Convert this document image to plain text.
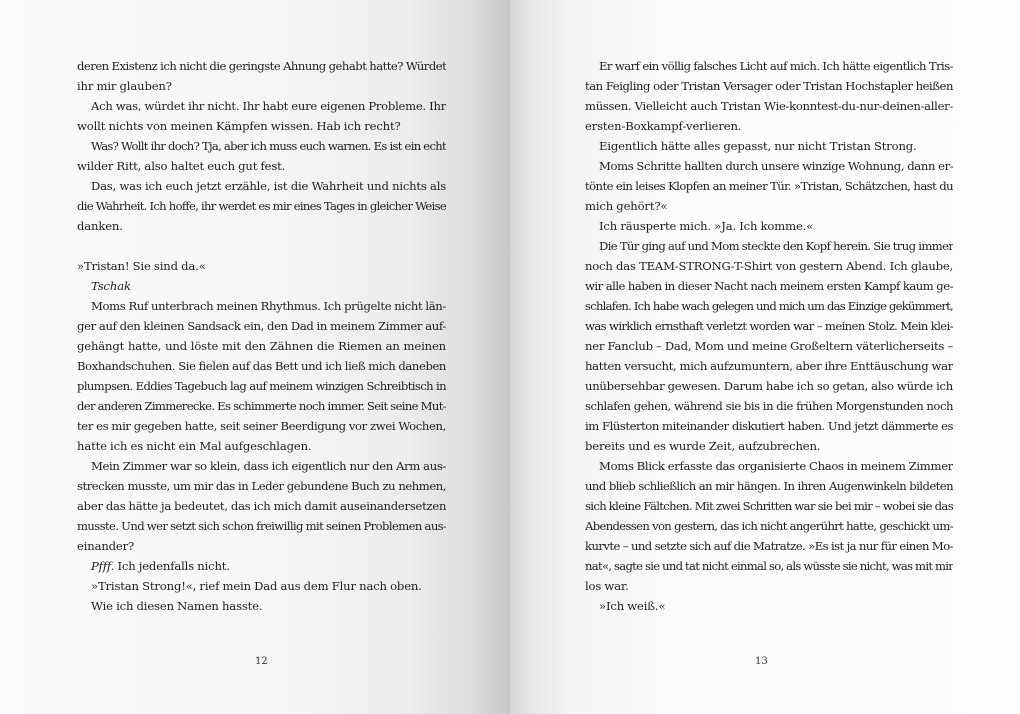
deren Existenz ich nicht die geringste Ahnung gehabt hatte? Würdet
ihr mir glauben?
Ach was, würdet ihr nicht. Ihr habt eure eigenen Probleme. Ihr
wollt nichts von meinen Kämpfen wissen. Hab ich recht?
Was? Wollt ihr doch? Tja, aber ich muss euch warnen. Es ist ein echt
wilder Ritt, also haltet euch gut fest.
Das, was ich euch jetzt erzähle, ist die Wahrheit und nichts als
die Wahrheit. Ich hoffe, ihr werdet es mir eines Tages in gleicher Weise
danken.
»Tristan! Sie sind da.«
Tschak
Moms Ruf unterbrach meinen Rhythmus. Ich prügelte nicht län-
ger auf den kleinen Sandsack ein, den Dad in meinem Zimmer auf-
gehängt hatte, und löste mit den Zähnen die Riemen an meinen
Boxhandschuhen. Sie fielen auf das Bett und ich ließ mich daneben
plumpsen. Eddies Tagebuch lag auf meinem winzigen Schreibtisch in
der anderen Zimmerecke. Es schimmerte noch immer. Seit seine Mut-
ter es mir gegeben hatte, seit seiner Beerdigung vor zwei Wochen,
hatte ich es nicht ein Mal aufgeschlagen.
Mein Zimmer war so klein, dass ich eigentlich nur den Arm aus-
strecken musste, um mir das in Leder gebundene Buch zu nehmen,
aber das hätte ja bedeutet, das ich mich damit auseinandersetzen
musste. Und wer setzt sich schon freiwillig mit seinen Problemen aus-
einander?
Pfff. Ich jedenfalls nicht.
»Tristan Strong!«, rief mein Dad aus dem Flur nach oben.
Wie ich diesen Namen hasste.
12
Er warf ein völlig falsches Licht auf mich. Ich hätte eigentlich Tris-
tan Feigling oder Tristan Versager oder Tristan Hochstapler heißen
müssen. Vielleicht auch Tristan Wie-konntest-du-nur-deinen-aller-
ersten-Boxkampf-verlieren.
Eigentlich hätte alles gepasst, nur nicht Tristan Strong.
Moms Schritte hallten durch unsere winzige Wohnung, dann er-
tönte ein leises Klopfen an meiner Tür. »Tristan, Schätzchen, hast du
mich gehört?«
Ich räusperte mich. »Ja. Ich komme.«
Die Tür ging auf und Mom steckte den Kopf herein. Sie trug immer
noch das TEAM-STRONG-T-Shirt von gestern Abend. Ich glaube,
wir alle haben in dieser Nacht nach meinem ersten Kampf kaum ge-
schlafen. Ich habe wach gelegen und mich um das Einzige gekümmert,
was wirklich ernsthaft verletzt worden war – meinen Stolz. Mein klei-
ner Fanclub – Dad, Mom und meine Großeltern väterlicherseits –
hatten versucht, mich aufzumuntern, aber ihre Enttäuschung war
unübersehbar gewesen. Darum habe ich so getan, also würde ich
schlafen gehen, während sie bis in die frühen Morgenstunden noch
im Flüsterton miteinander diskutiert haben. Und jetzt dämmerte es
bereits und es wurde Zeit, aufzubrechen.
Moms Blick erfasste das organisierte Chaos in meinem Zimmer
und blieb schließlich an mir hängen. In ihren Augenwinkeln bildeten
sich kleine Fältchen. Mit zwei Schritten war sie bei mir – wobei sie das
Abendessen von gestern, das ich nicht angerührt hatte, geschickt um-
kurvte – und setzte sich auf die Matratze. »Es ist ja nur für einen Mo-
nat«, sagte sie und tat nicht einmal so, als wüsste sie nicht, was mit mir
los war.
»Ich weiß.«
13
